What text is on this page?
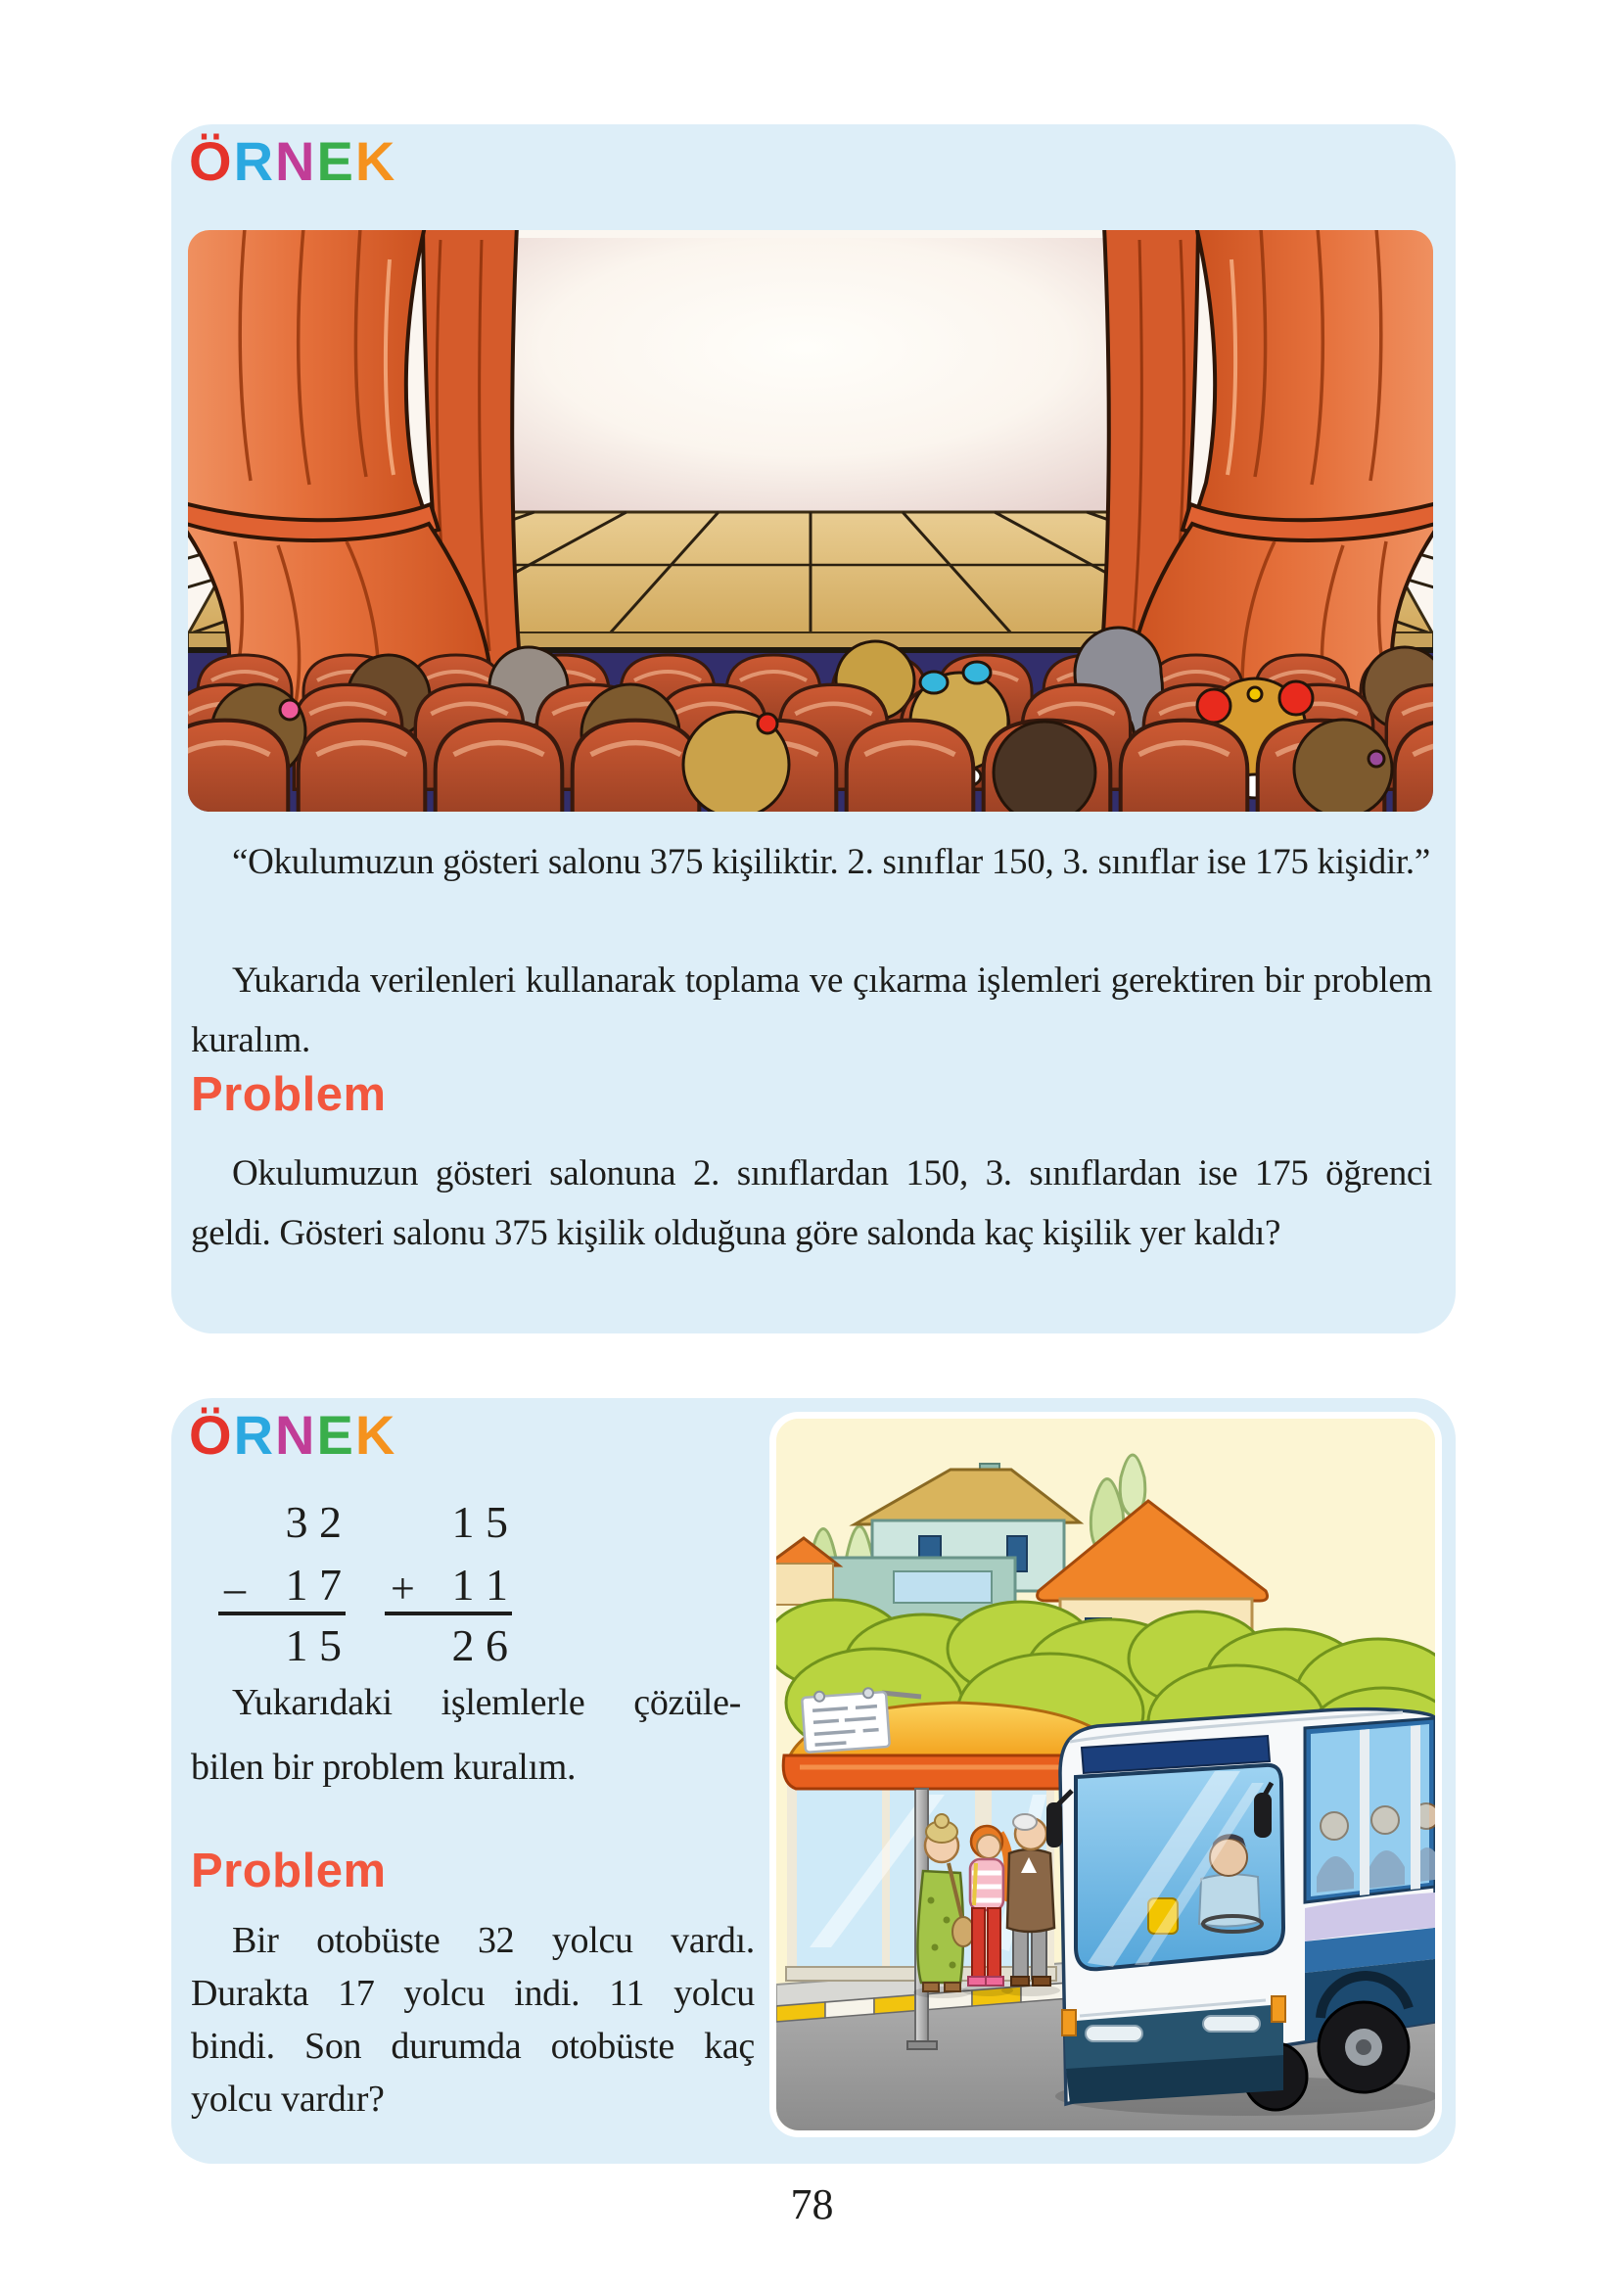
ÖRNEK

“Okulumuzun gösteri salonu 375 kişiliktir. 2. sınıflar 150, 3. sınıflar ise 175 kişidir.”

Yukarıda verilenleri kullanarak toplama ve çıkarma işlemleri gerektiren bir problem kuralım.

Problem

Okulumuzun gösteri salonuna 2. sınıflardan 150, 3. sınıflardan ise 175 öğrenci geldi. Gösteri salonu 375 kişilik olduğuna göre salonda kaç kişilik yer kaldı?

ÖRNEK
3 2
– 1 7
1 5
1 5
+ 1 1
2 6

Yukarıdaki işlemlerle çözüle-
bilen bir problem kuralım.

Problem

Bir otobüste 32 yolcu vardı.
Durakta 17 yolcu indi. 11 yolcu
bindi. Son durumda otobüste kaç
yolcu vardır?

78
